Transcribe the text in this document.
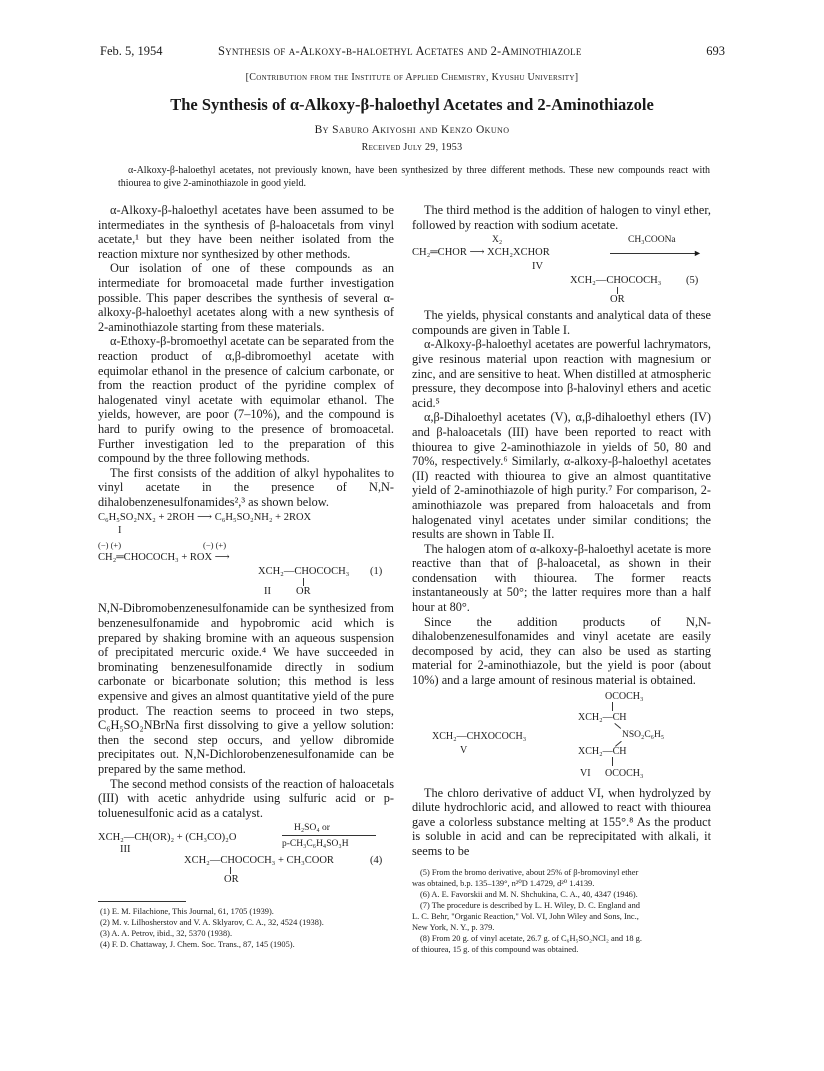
Feb. 5, 1954	Synthesis of α-Alkoxy-β-haloethyl Acetates and 2-Aminothiazole	693
[Contribution from the Institute of Applied Chemistry, Kyushu University]
The Synthesis of α-Alkoxy-β-haloethyl Acetates and 2-Aminothiazole
By Saburo Akiyoshi and Kenzo Okuno
Received July 29, 1953
α-Alkoxy-β-haloethyl acetates, not previously known, have been synthesized by three different methods. These new compounds react with thiourea to give 2-aminothiazole in good yield.

α-Alkoxy-β-haloethyl acetates have been assumed to be intermediates in the synthesis of β-haloacetals from vinyl acetate,¹ but they have been neither isolated from the reaction mixture nor synthesized by other methods.

Our isolation of one of these compounds as an intermediate for bromoacetal made further investigation possible. This paper describes the synthesis of several α-alkoxy-β-haloethyl acetates along with a new synthesis of 2-aminothiazole starting from these materials.

α-Ethoxy-β-bromoethyl acetate can be separated from the reaction product of α,β-dibromoethyl acetate with equimolar ethanol in the presence of calcium carbonate, or from the reaction product of the pyridine complex of halogenated vinyl acetate with equimolar ethanol. The yields, however, are poor (7–10%), and the compound is hard to purify owing to the presence of bromoacetal. Further investigation led to the preparation of this compound by the three following methods.

The first consists of the addition of alkyl hypohalites to vinyl acetate in the presence of N,N-dihalobenzenesulfonamides²,³ as shown below.

C₆H₅SO₂NX₂ + 2ROH ⟶ C₆H₅SO₂NH₂ + 2ROX
I
(−) (+)	(−) (+)
CH₂═CHOCOCH₃ + ROX ⟶
XCH₂—CHOCOCH₃ (1)
II OR

N,N-Dibromobenzenesulfonamide can be synthesized from benzenesulfonamide and hypobromic acid which is prepared by shaking bromine with an aqueous suspension of precipitated mercuric oxide.⁴ We have succeeded in brominating benzenesulfonamide directly in sodium carbonate or bicarbonate solution; this method is less expensive and gives an almost quantitative yield of the pure product. The reaction seems to proceed in two steps, C₆H₅SO₂NBrNa first dissolving to give a yellow solution: then the second step occurs, and yellow dibromide precipitates out. N,N-Dichlorobenzenesulfonamide can be prepared by the same method.

The second method consists of the reaction of haloacetals (III) with acetic anhydride using sulfuric acid or p-toluenesulfonic acid as a catalyst.

H₂SO₄ or
XCH₂—CH(OR)₂ + (CH₃CO)₂O
p-CH₃C₆H₄SO₃H
III
XCH₂—CHOCOCH₃ + CH₃COOR	(4)
OR
(1) E. M. Filachione, This Journal, 61, 1705 (1939).
(2) M. v. Lilhosherstov and V. A. Sklyarov, C. A., 32, 4524 (1938).
(3) A. A. Petrov, ibid., 32, 5370 (1938).
(4) F. D. Chattaway, J. Chem. Soc. Trans., 87, 145 (1905).

The third method is the addition of halogen to vinyl ether, followed by reaction with sodium acetate.

X₂	CH₃COONa
CH₂═CHOR ⟶ XCH₂XCHOR	►
IV
XCH₂—CHOCOCH₃ (5)
OR

The yields, physical constants and analytical data of these compounds are given in Table I.

α-Alkoxy-β-haloethyl acetates are powerful lachrymators, give resinous material upon reaction with magnesium or zinc, and are sensitive to heat. When distilled at atmospheric pressure, they decompose into β-halovinyl ethers and acetic acid.⁵

α,β-Dihaloethyl acetates (V), α,β-dihaloethyl ethers (IV) and β-haloacetals (III) have been reported to react with thiourea to give 2-aminothiazole in yields of 50, 80 and 70%, respectively.⁶ Similarly, α-alkoxy-β-haloethyl acetates (II) reacted with thiourea to give an almost quantitative yield of 2-aminothiazole of high purity.⁷ For comparison, 2-aminothiazole was prepared from haloacetals and from halogenated vinyl acetates under similar conditions; the results are shown in Table II.

The halogen atom of α-alkoxy-β-haloethyl acetate is more reactive than that of β-haloacetal, as shown in their condensation with thiourea. The former reacts instantaneously at 50°; the latter requires more than a half hour at 80°.

Since the addition products of N,N-dihalobenzenesulfonamides and vinyl acetate are easily decomposed by acid, they can also be used as starting material for 2-aminothiazole, but the yield is poor (about 10%) and a large amount of resinous material is obtained.

OCOCH₃
XCH₂—CH
XCH₂—CHXOCOCH₃	NSO₂C₆H₅
V	XCH₂—CH
VI OCOCH₃

The chloro derivative of adduct VI, when hydrolyzed by dilute hydrochloric acid, and allowed to react with thiourea gave a colorless substance melting at 155°.⁸ As the product is soluble in acid and can be reprecipitated with alkali, it seems to be

(5) From the bromo derivative, about 25% of β-bromovinyl ether
was obtained, b.p. 135–139°, n²⁰D 1.4729, d²⁰ 1.4139.
(6) A. E. Favorskii and M. N. Shchukina, C. A., 40, 4347 (1946).
(7) The procedure is described by L. H. Wiley, D. C. England and
L. C. Behr, "Organic Reaction," Vol. VI, John Wiley and Sons, Inc.,
New York, N. Y., p. 379.
(8) From 20 g. of vinyl acetate, 26.7 g. of C₆H₅SO₂NCl₂ and 18 g.
of thiourea, 15 g. of this compound was obtained.
